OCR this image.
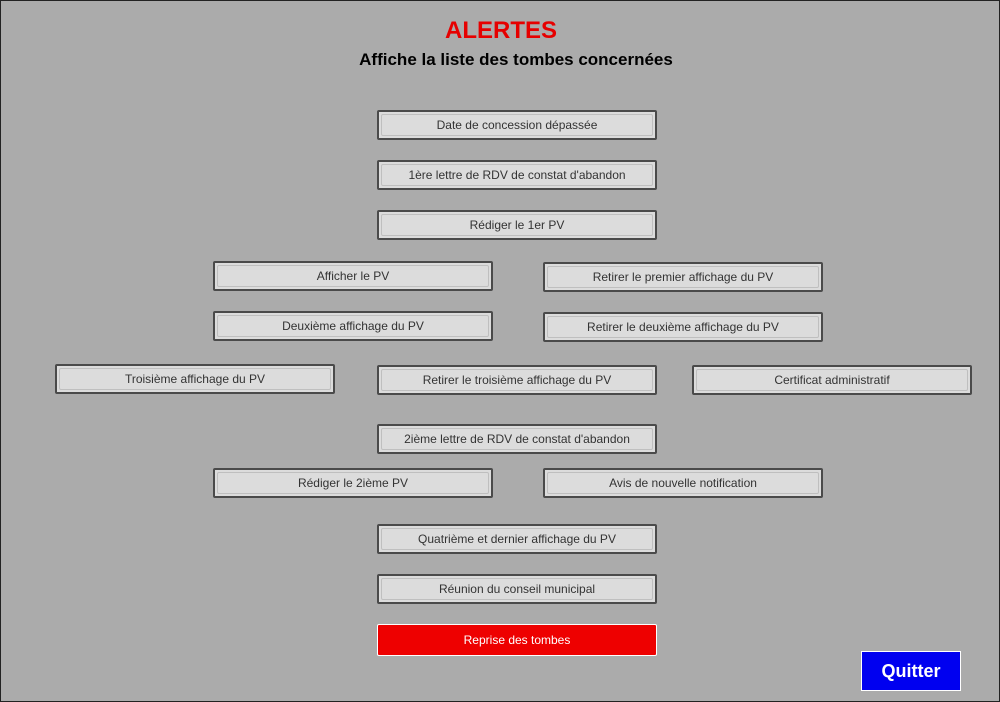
ALERTES
Affiche la liste des tombes concernées
Date de concession dépassée
1ère lettre de RDV de constat d'abandon
Rédiger le 1er PV
Afficher le PV	Retirer le premier affichage du PV
Deuxième affichage du PV	Retirer le deuxième affichage du PV
Troisième affichage du PV	Retirer le troisième affichage du PV	Certificat administratif
2ième lettre de RDV de constat d'abandon
Rédiger le 2ième PV	Avis de nouvelle notification
Quatrième et dernier affichage du PV
Réunion du conseil municipal
Reprise des tombes
Quitter
